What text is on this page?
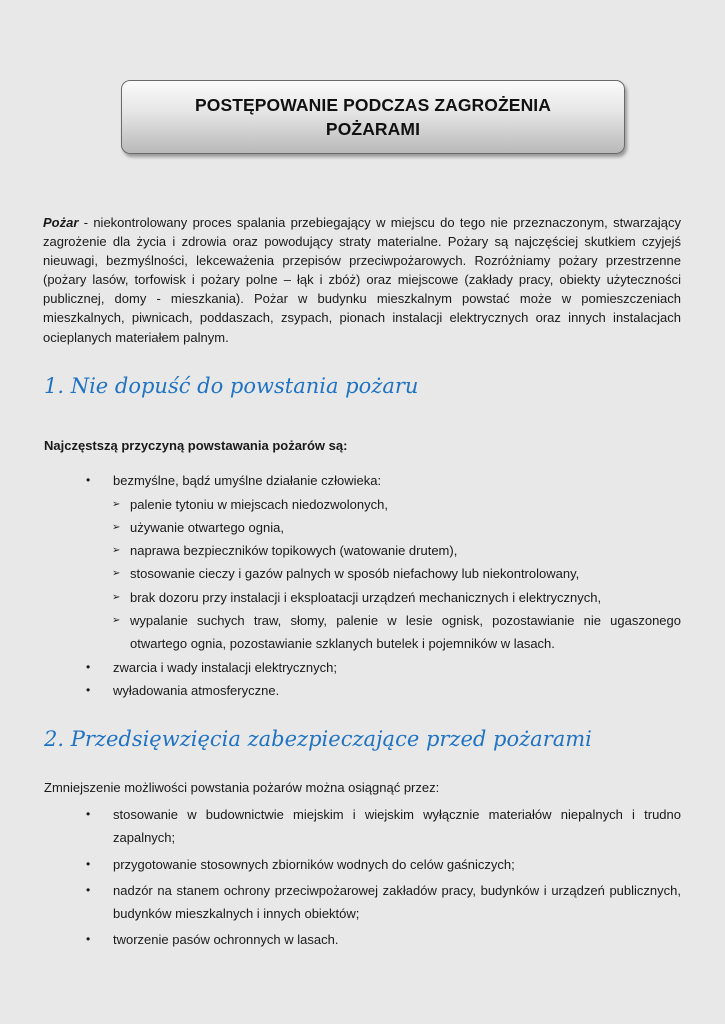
POSTĘPOWANIE PODCZAS ZAGROŻENIA
POŻARAMI

Pożar - niekontrolowany proces spalania przebiegający w miejscu do tego nie przeznaczonym, stwarzający zagrożenie dla życia i zdrowia oraz powodujący straty materialne. Pożary są najczęściej skutkiem czyjejś nieuwagi, bezmyślności, lekceważenia przepisów przeciwpożarowych. Rozróżniamy pożary przestrzenne (pożary lasów, torfowisk i pożary polne – łąk i zbóż) oraz miejscowe (zakłady pracy, obiekty użyteczności publicznej, domy - mieszkania). Pożar w budynku mieszkalnym powstać może w pomieszczeniach mieszkalnych, piwnicach, poddaszach, zsypach, pionach instalacji elektrycznych oraz innych instalacjach ocieplanych materiałem palnym.

1. Nie dopuść do powstania pożaru

Najczęstszą przyczyną powstawania pożarów są:

• bezmyślne, bądź umyślne działanie człowieka:
➢ palenie tytoniu w miejscach niedozwolonych,
➢ używanie otwartego ognia,
➢ naprawa bezpieczników topikowych (watowanie drutem),
➢ stosowanie cieczy i gazów palnych w sposób niefachowy lub niekontrolowany,
➢ brak dozoru przy instalacji i eksploatacji urządzeń mechanicznych i elektrycznych,
➢ wypalanie suchych traw, słomy, palenie w lesie ognisk, pozostawianie nie ugaszonego otwartego ognia, pozostawianie szklanych butelek i pojemników w lasach.
• zwarcia i wady instalacji elektrycznych;
• wyładowania atmosferyczne.
2. Przedsięwzięcia zabezpieczające przed pożarami

Zmniejszenie możliwości powstania pożarów można osiągnąć przez:

• stosowanie w budownictwie miejskim i wiejskim wyłącznie materiałów niepalnych i trudno zapalnych;
• przygotowanie stosownych zbiorników wodnych do celów gaśniczych;
• nadzór na stanem ochrony przeciwpożarowej zakładów pracy, budynków i urządzeń publicznych, budynków mieszkalnych i innych obiektów;
• tworzenie pasów ochronnych w lasach.
